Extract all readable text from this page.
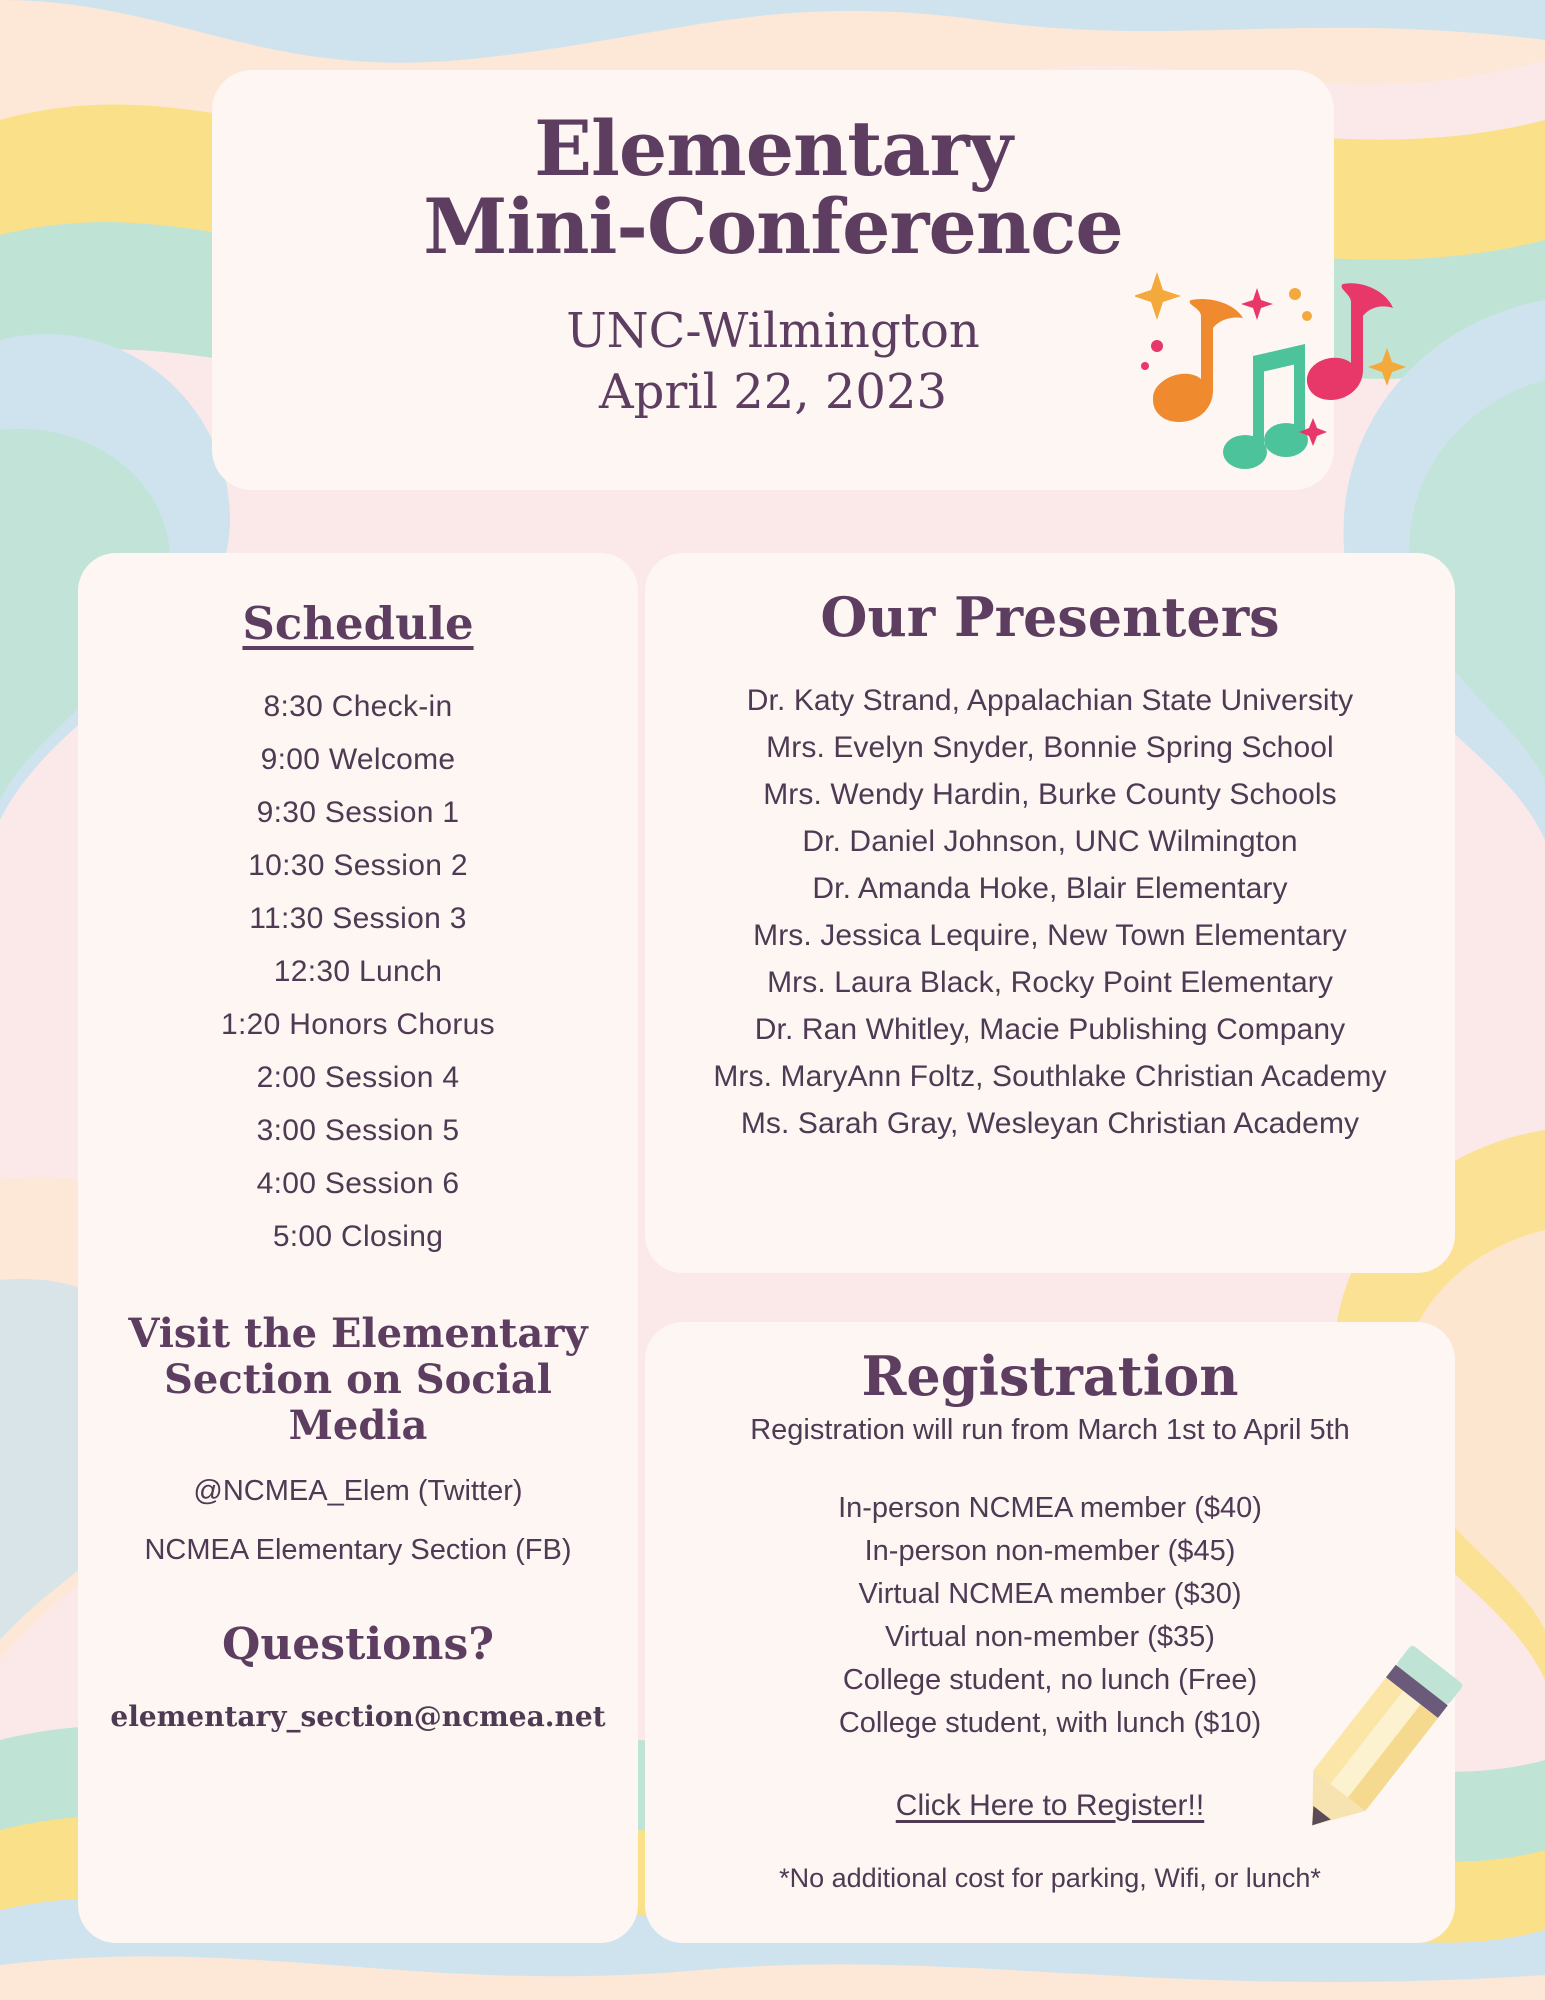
Elementary
Mini-Conference
UNC-Wilmington
April 22, 2023
Schedule
8:30 Check-in
9:00 Welcome
9:30 Session 1
10:30 Session 2
11:30 Session 3
12:30 Lunch
1:20 Honors Chorus
2:00 Session 4
3:00 Session 5
4:00 Session 6
5:00 Closing
Visit the Elementary Section on Social Media
@NCMEA_Elem (Twitter)
NCMEA Elementary Section (FB)
Questions?
elementary_section@ncmea.net
Our Presenters
Dr. Katy Strand, Appalachian State University
Mrs. Evelyn Snyder, Bonnie Spring School
Mrs. Wendy Hardin, Burke County Schools
Dr. Daniel Johnson, UNC Wilmington
Dr. Amanda Hoke, Blair Elementary
Mrs. Jessica Lequire, New Town Elementary
Mrs. Laura Black, Rocky Point Elementary
Dr. Ran Whitley, Macie Publishing Company
Mrs. MaryAnn Foltz, Southlake Christian Academy
Ms. Sarah Gray, Wesleyan Christian Academy
Registration
Registration will run from March 1st to April 5th
In-person NCMEA member ($40)
In-person non-member ($45)
Virtual NCMEA member ($30)
Virtual non-member ($35)
College student, no lunch (Free)
College student, with lunch ($10)
Click Here to Register!!
*No additional cost for parking, Wifi, or lunch*
